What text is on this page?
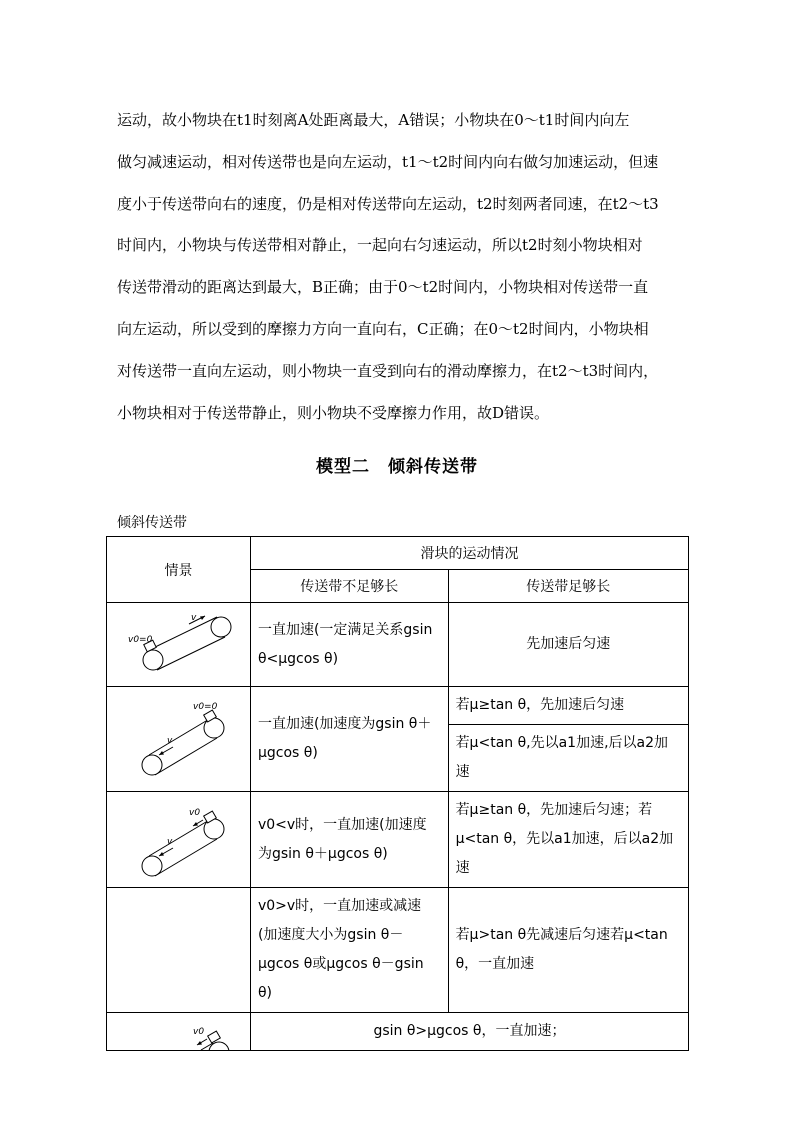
运动，故小物块在t1时刻离A处距离最大，A错误；小物块在0～t1时间内向左
做匀减速运动，相对传送带也是向左运动，t1～t2时间内向右做匀加速运动，但速
度小于传送带向右的速度，仍是相对传送带向左运动，t2时刻两者同速，在t2～t3
时间内，小物块与传送带相对静止，一起向右匀速运动，所以t2时刻小物块相对
传送带滑动的距离达到最大，B正确；由于0～t2时间内，小物块相对传送带一直
向左运动，所以受到的摩擦力方向一直向右，C正确；在0～t2时间内，小物块相
对传送带一直向左运动，则小物块一直受到向右的滑动摩擦力，在t2～t3时间内，
小物块相对于传送带静止，则小物块不受摩擦力作用，故D错误。
模型二　倾斜传送带
倾斜传送带
情景	滑块的运动情况	
	传送带不足够长	传送带足够长

v
v0=0	一直加速(一定满足关系gsin θ<μgcos θ)	先加速后匀速

v
v0=0	一直加速(加速度为gsin θ＋μgcos θ)	若μ≥tan θ，先加速后匀速
		若μ<tan θ,先以a1加速,后以a2加速

v
v0	v0<v时，一直加速(加速度为gsin θ＋μgcos θ)	若μ≥tan θ，先加速后匀速；若μ<tan θ，先以a1加速，后以a2加速
	v0>v时，一直加速或减速(加速度大小为gsin θ－μgcos θ或μgcos θ－gsin θ)	若μ>tan θ先减速后匀速若μ<tan θ，一直加速

v0	gsin θ>μgcos θ，一直加速；	
